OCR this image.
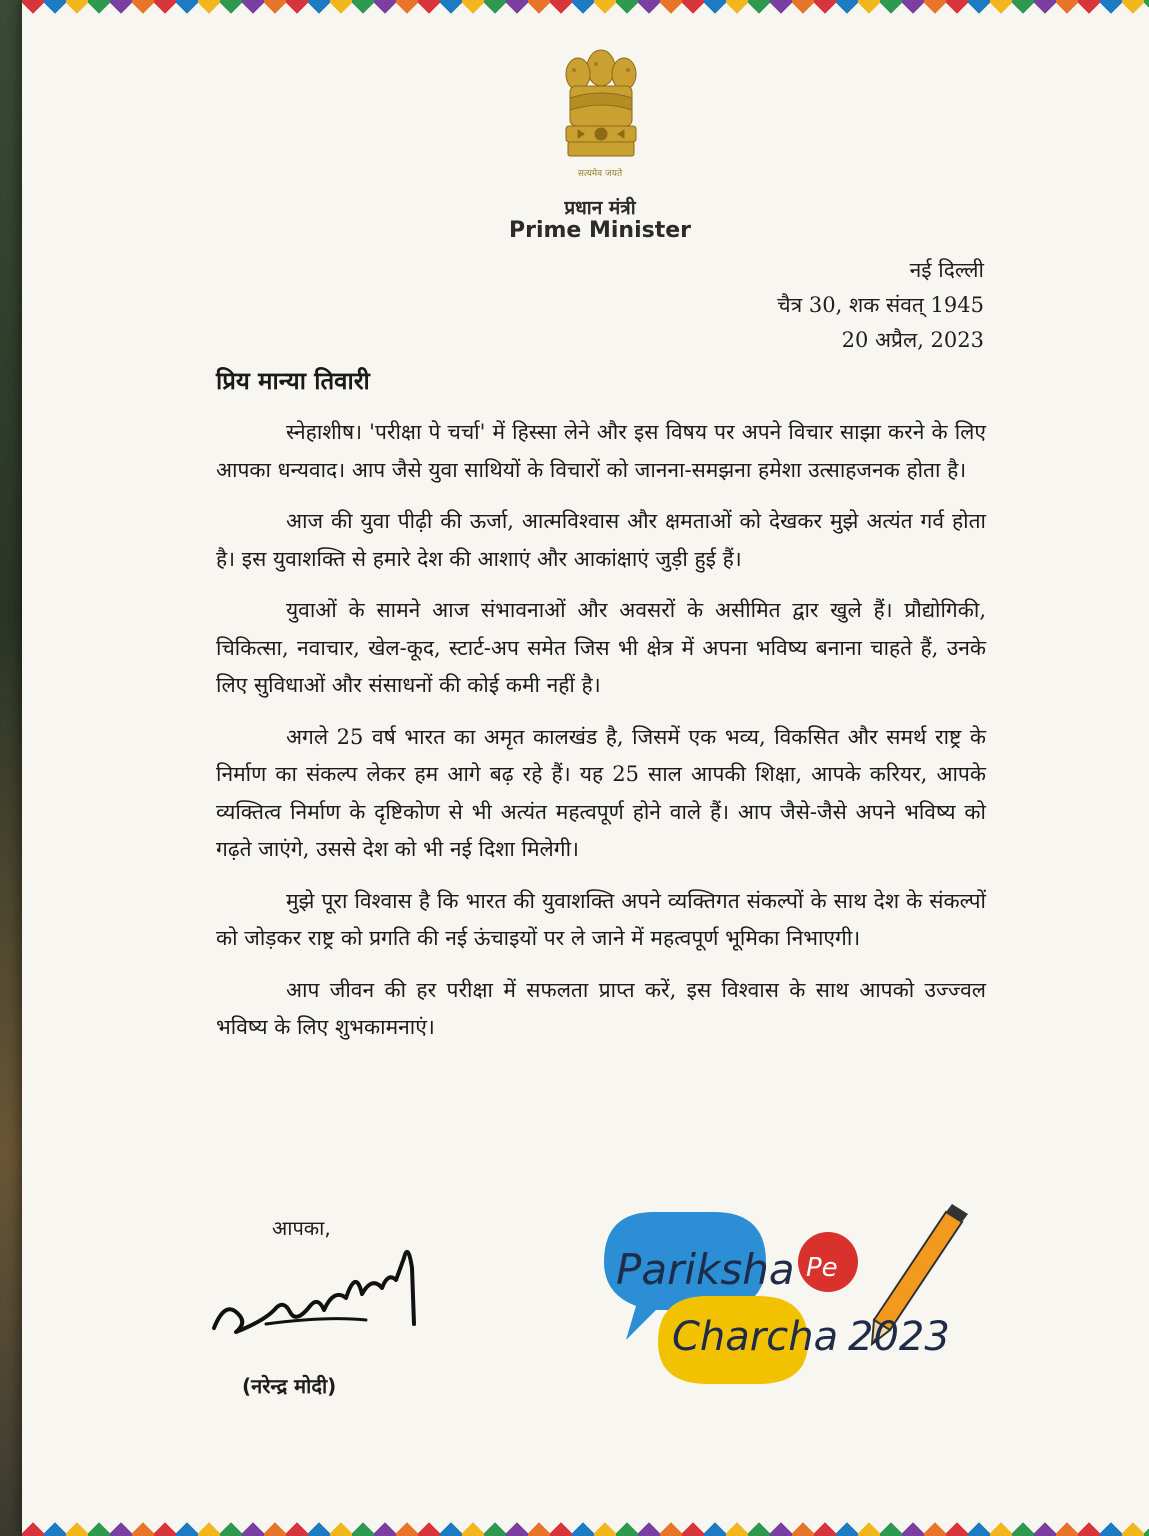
सत्यमेव जयते
प्रधान मंत्री
Prime Minister
नई दिल्ली
चैत्र 30, शक संवत् 1945
20 अप्रैल, 2023
प्रिय मान्या तिवारी

स्नेहाशीष। 'परीक्षा पे चर्चा' में हिस्सा लेने और इस विषय पर अपने विचार साझा करने के लिए आपका धन्यवाद। आप जैसे युवा साथियों के विचारों को जानना-समझना हमेशा उत्साहजनक होता है।

आज की युवा पीढ़ी की ऊर्जा, आत्मविश्वास और क्षमताओं को देखकर मुझे अत्यंत गर्व होता है। इस युवाशक्ति से हमारे देश की आशाएं और आकांक्षाएं जुड़ी हुई हैं।

युवाओं के सामने आज संभावनाओं और अवसरों के असीमित द्वार खुले हैं। प्रौद्योगिकी, चिकित्सा, नवाचार, खेल-कूद, स्टार्ट-अप समेत जिस भी क्षेत्र में अपना भविष्य बनाना चाहते हैं, उनके लिए सुविधाओं और संसाधनों की कोई कमी नहीं है।

अगले 25 वर्ष भारत का अमृत कालखंड है, जिसमें एक भव्य, विकसित और समर्थ राष्ट्र के निर्माण का संकल्प लेकर हम आगे बढ़ रहे हैं। यह 25 साल आपकी शिक्षा, आपके करियर, आपके व्यक्तित्व निर्माण के दृष्टिकोण से भी अत्यंत महत्वपूर्ण होने वाले हैं। आप जैसे-जैसे अपने भविष्य को गढ़ते जाएंगे, उससे देश को भी नई दिशा मिलेगी।

मुझे पूरा विश्वास है कि भारत की युवाशक्ति अपने व्यक्तिगत संकल्पों के साथ देश के संकल्पों को जोड़कर राष्ट्र को प्रगति की नई ऊंचाइयों पर ले जाने में महत्वपूर्ण भूमिका निभाएगी।

आप जीवन की हर परीक्षा में सफलता प्राप्त करें, इस विश्वास के साथ आपको उज्ज्वल भविष्य के लिए शुभकामनाएं।

आपका,
(नरेन्द्र मोदी)
Pariksha Pe
Charcha 2023
